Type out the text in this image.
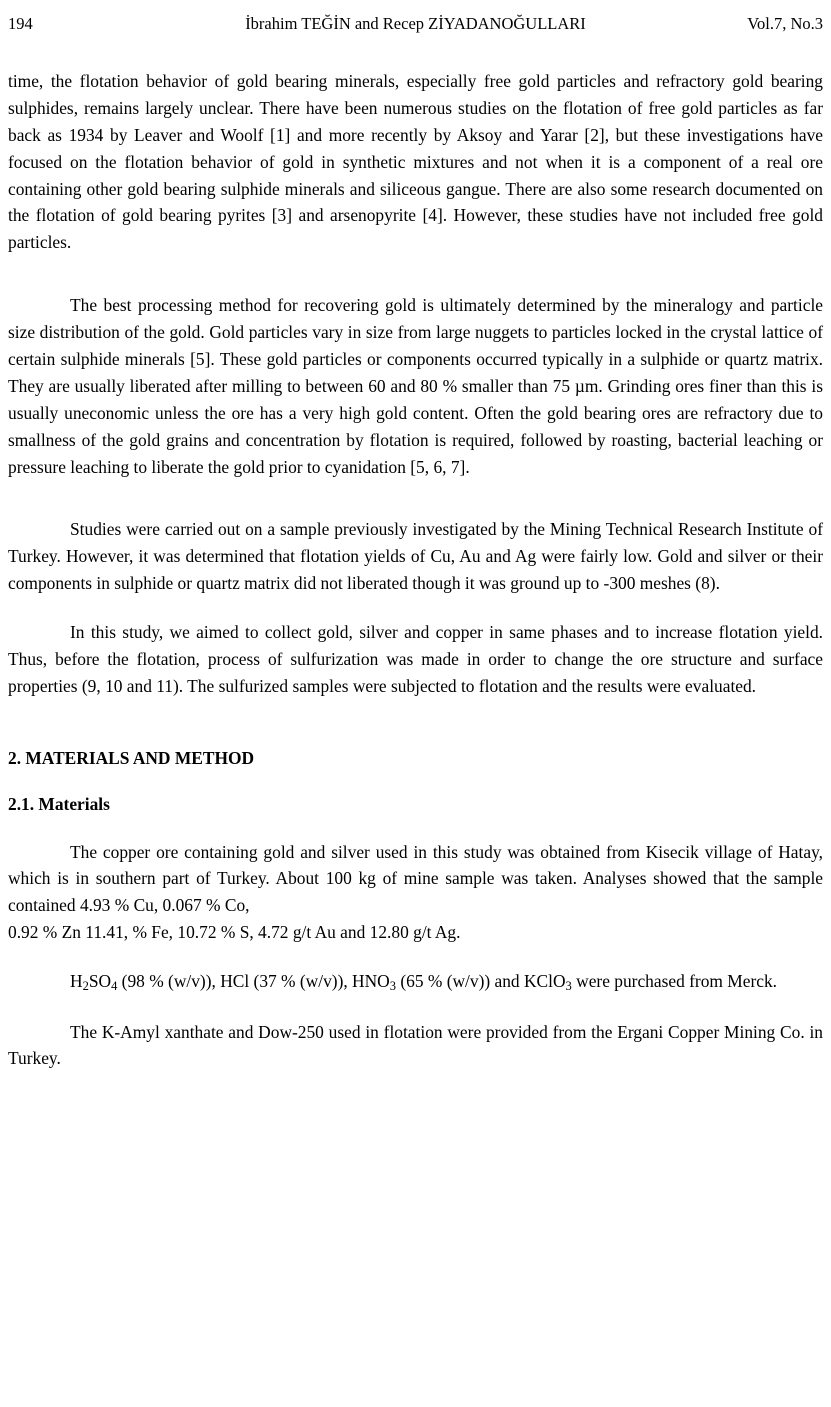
194	İbrahim TEĞİN and Recep ZİYADANOĞULLARI	Vol.7, No.3

time, the flotation behavior of gold bearing minerals, especially free gold particles and refractory gold bearing sulphides, remains largely unclear. There have been numerous studies on the flotation of free gold particles as far back as 1934 by Leaver and Woolf [1] and more recently by Aksoy and Yarar [2], but these investigations have focused on the flotation behavior of gold in synthetic mixtures and not when it is a component of a real ore containing other gold bearing sulphide minerals and siliceous gangue. There are also some research documented on the flotation of gold bearing pyrites [3] and arsenopyrite [4]. However, these studies have not included free gold particles.

The best processing method for recovering gold is ultimately determined by the mineralogy and particle size distribution of the gold. Gold particles vary in size from large nuggets to particles locked in the crystal lattice of certain sulphide minerals [5]. These gold particles or components occurred typically in a sulphide or quartz matrix. They are usually liberated after milling to between 60 and 80 % smaller than 75 µm. Grinding ores finer than this is usually uneconomic unless the ore has a very high gold content. Often the gold bearing ores are refractory due to smallness of the gold grains and concentration by flotation is required, followed by roasting, bacterial leaching or pressure leaching to liberate the gold prior to cyanidation [5, 6, 7].

Studies were carried out on a sample previously investigated by the Mining Technical Research Institute of Turkey. However, it was determined that flotation yields of Cu, Au and Ag were fairly low. Gold and silver or their components in sulphide or quartz matrix did not liberated though it was ground up to -300 meshes (8).

In this study, we aimed to collect gold, silver and copper in same phases and to increase flotation yield. Thus, before the flotation, process of sulfurization was made in order to change the ore structure and surface properties (9, 10 and 11). The sulfurized samples were subjected to flotation and the results were evaluated.

2. MATERIALS AND METHOD
2.1. Materials

The copper ore containing gold and silver used in this study was obtained from Kisecik village of Hatay, which is in southern part of Turkey. About 100 kg of mine sample was taken. Analyses showed that the sample contained 4.93 % Cu, 0.067 % Co,

0.92 % Zn 11.41, % Fe, 10.72 % S, 4.72 g/t Au and 12.80 g/t Ag.

$H_2SO_4$ (98 % (w/v)), HCl (37 % (w/v)), $HNO_3$ (65 % (w/v)) and KClO$_3$ were purchased from Merck.

The K-Amyl xanthate and Dow-250 used in flotation were provided from the Ergani Copper Mining Co. in Turkey.
